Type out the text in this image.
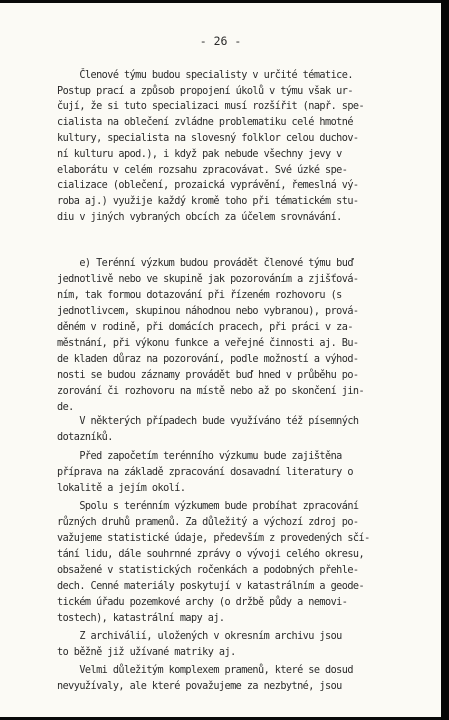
- 26 -
Členové týmu budou specialisty v určité tématice.
Postup prací a způsob propojení úkolů v týmu však ur-
čují, že si tuto specializaci musí rozšířit (např. spe-
cialista na oblečení zvládne problematiku celé hmotné
kultury, specialista na slovesný folklor celou duchov-
ní kulturu apod.), i když pak nebude všechny jevy v
elaborátu v celém rozsahu zpracovávat. Své úzké spe-
cializace (oblečení, prozaická vyprávění, řemeslná vý-
roba aj.) využije každý kromě toho při tématickém stu-
diu v jiných vybraných obcích za účelem srovnávání.
e) Terénní výzkum budou provádět členové týmu buď
jednotlivě nebo ve skupině jak pozorováním a zjišťová-
ním, tak formou dotazování při řízeném rozhovoru (s
jednotlivcem, skupinou náhodnou nebo vybranou), prová-
děném v rodině, při domácích pracech, při práci v za-
městnání, při výkonu funkce a veřejné činnosti aj. Bu-
de kladen důraz na pozorování, podle možností a výhod-
nosti se budou záznamy provádět buď hned v průběhu po-
zorování či rozhovoru na místě nebo až po skončení jin-
de.
V některých případech bude využíváno též písemných
dotazníků.
Před započetím terénního výzkumu bude zajištěna
příprava na základě zpracování dosavadní literatury o
lokalitě a jejím okolí.
Spolu s terénním výzkumem bude probíhat zpracování
různých druhů pramenů. Za důležitý a výchozí zdroj po-
važujeme statistické údaje, především z provedených sčí-
tání lidu, dále souhrnné zprávy o vývoji celého okresu,
obsažené v statistických ročenkách a podobných přehle-
dech. Cenné materiály poskytují v katastrálním a geode-
tickém úřadu pozemkové archy (o držbě půdy a nemovi-
tostech), katastrální mapy aj.
Z archiválií, uložených v okresním archivu jsou
to běžně již užívané matriky aj.
Velmi důležitým komplexem pramenů, které se dosud
nevyužívaly, ale které považujeme za nezbytné, jsou
